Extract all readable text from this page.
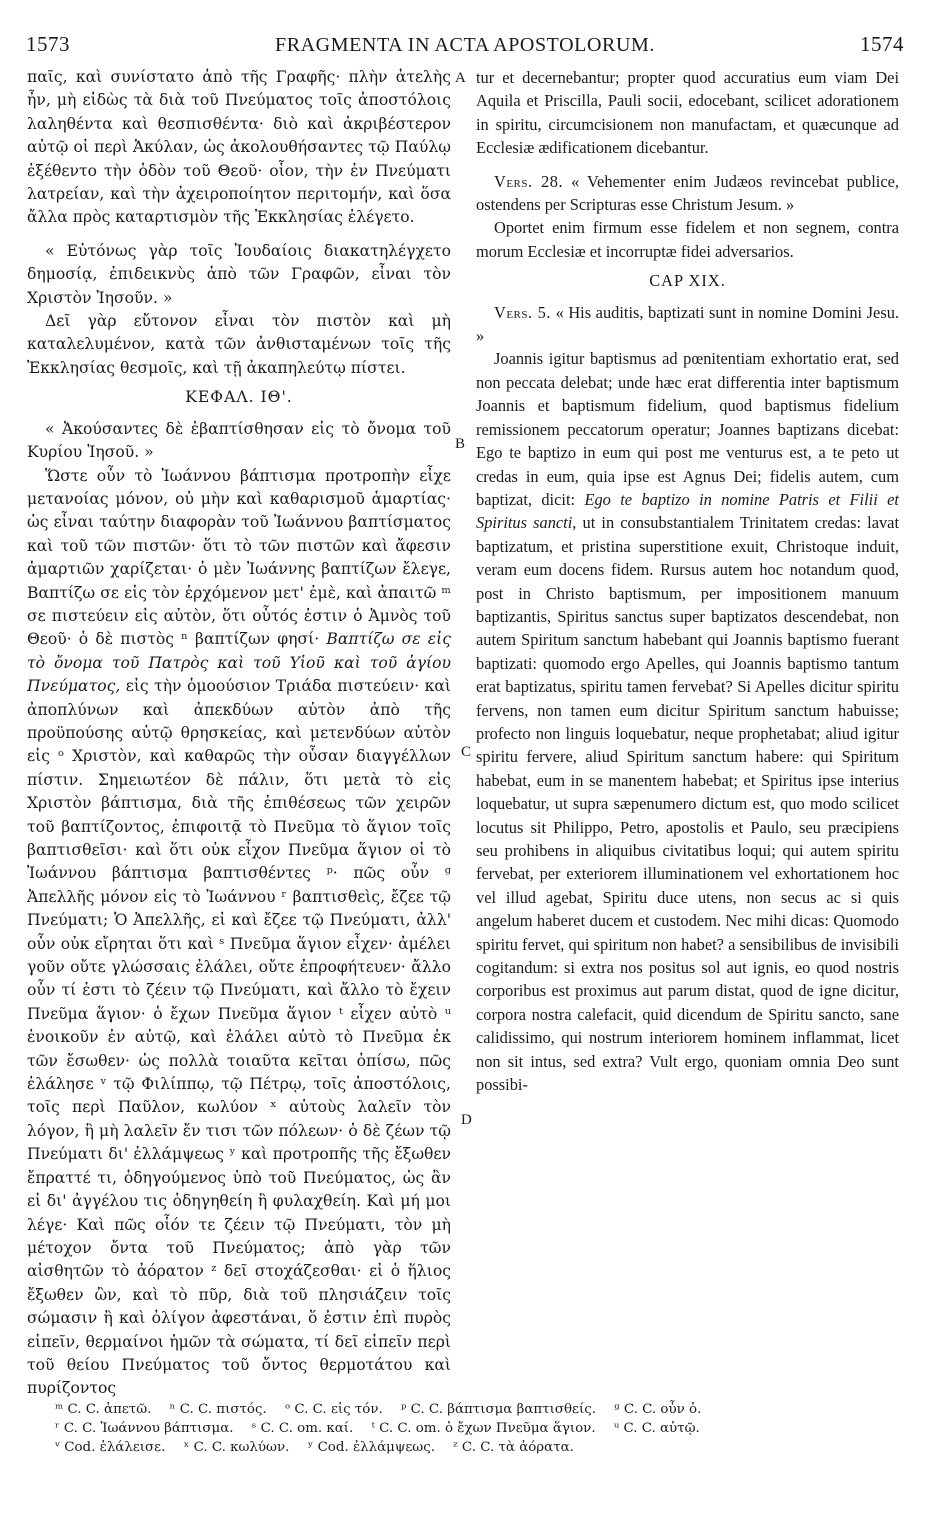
1573	FRAGMENTA IN ACTA APOSTOLORUM.	1574

παῖς, καὶ συνίστατο ἀπὸ τῆς Γραφῆς· πλὴν ἀτελὴς ἦν, μὴ εἰδὼς τὰ διὰ τοῦ Πνεύματος τοῖς ἀποστόλοις λαληθέντα καὶ θεσπισθέντα· διὸ καὶ ἀκριβέστερον αὐτῷ οἱ περὶ Ἀκύλαν, ὡς ἀκολουθήσαντες τῷ Παύλῳ ἐξέθεντο τὴν ὁδὸν τοῦ Θεοῦ· οἷον, τὴν ἐν Πνεύματι λατρείαν, καὶ τὴν ἀχειροποίητον περιτομήν, καὶ ὅσα ἄλλα πρὸς καταρτισμὸν τῆς Ἐκκλησίας ἐλέγετο.

« Εὐτόνως γὰρ τοῖς Ἰουδαίοις διακατηλέγχετο δημοσίᾳ, ἐπιδεικνὺς ἀπὸ τῶν Γραφῶν, εἶναι τὸν Χριστὸν Ἰησοῦν. »

Δεῖ γὰρ εὔτονον εἶναι τὸν πιστὸν καὶ μὴ καταλελυμένον, κατὰ τῶν ἀνθισταμένων τοῖς τῆς Ἐκκλησίας θεσμοῖς, καὶ τῇ ἀκαπηλεύτῳ πίστει.

ΚΕΦΑΛ. ΙΘ'.

« Ἀκούσαντες δὲ ἐβαπτίσθησαν εἰς τὸ ὄνομα τοῦ Κυρίου Ἰησοῦ. »

Ὥστε οὖν τὸ Ἰωάννου βάπτισμα προτροπὴν εἶχε μετανοίας μόνον, οὐ μὴν καὶ καθαρισμοῦ ἁμαρτίας· ὡς εἶναι ταύτην διαφορὰν τοῦ Ἰωάννου βαπτίσματος καὶ τοῦ τῶν πιστῶν· ὅτι τὸ τῶν πιστῶν καὶ ἄφεσιν ἁμαρτιῶν χαρίζεται· ὁ μὲν Ἰωάννης βαπτίζων ἔλεγε, Βαπτίζω σε εἰς τὸν ἐρχόμενον μετ' ἐμὲ, καὶ ἀπαιτῶ ᵐ σε πιστεύειν εἰς αὐτὸν, ὅτι οὗτός ἐστιν ὁ Ἀμνὸς τοῦ Θεοῦ· ὁ δὲ πιστὸς ⁿ βαπτίζων φησί· Βαπτίζω σε εἰς τὸ ὄνομα τοῦ Πατρὸς καὶ τοῦ Υἱοῦ καὶ τοῦ ἁγίου Πνεύματος, εἰς τὴν ὁμοούσιον Τριάδα πιστεύειν· καὶ ἀποπλύνων καὶ ἀπεκδύων αὐτὸν ἀπὸ τῆς προϋπούσης αὐτῷ θρησκείας, καὶ μετενδύων αὐτὸν εἰς ᵒ Χριστὸν, καὶ καθαρῶς τὴν οὖσαν διαγγέλλων πίστιν. Σημειωτέον δὲ πάλιν, ὅτι μετὰ τὸ εἰς Χριστὸν βάπτισμα, διὰ τῆς ἐπιθέσεως τῶν χειρῶν τοῦ βαπτίζοντος, ἐπιφοιτᾷ τὸ Πνεῦμα τὸ ἅγιον τοῖς βαπτισθεῖσι· καὶ ὅτι οὐκ εἶχον Πνεῦμα ἅγιον οἱ τὸ Ἰωάννου βάπτισμα βαπτισθέντες ᵖ· πῶς οὖν ᵍ Ἀπελλῆς μόνον εἰς τὸ Ἰωάννου ʳ βαπτισθεὶς, ἔζεε τῷ Πνεύματι; Ὁ Ἀπελλῆς, εἰ καὶ ἔζεε τῷ Πνεύματι, ἀλλ' οὖν οὐκ εἴρηται ὅτι καὶ ˢ Πνεῦμα ἅγιον εἶχεν· ἀμέλει γοῦν οὔτε γλώσσαις ἐλάλει, οὔτε ἐπροφήτευεν· ἄλλο οὖν τί ἐστι τὸ ζέειν τῷ Πνεύματι, καὶ ἄλλο τὸ ἔχειν Πνεῦμα ἅγιον· ὁ ἔχων Πνεῦμα ἅγιον ᵗ εἶχεν αὐτὸ ᵘ ἐνοικοῦν ἐν αὐτῷ, καὶ ἐλάλει αὐτὸ τὸ Πνεῦμα ἐκ τῶν ἔσωθεν· ὡς πολλὰ τοιαῦτα κεῖται ὀπίσω, πῶς ἐλάλησε ᵛ τῷ Φιλίππῳ, τῷ Πέτρῳ, τοῖς ἀποστόλοις, τοῖς περὶ Παῦλον, κωλύον ˣ αὐτοὺς λαλεῖν τὸν λόγον, ἢ μὴ λαλεῖν ἔν τισι τῶν πόλεων· ὁ δὲ ζέων τῷ Πνεύματι δι' ἐλλάμψεως ʸ καὶ προτροπῆς τῆς ἔξωθεν ἔπραττέ τι, ὁδηγούμενος ὑπὸ τοῦ Πνεύματος, ὡς ἂν εἰ δι' ἀγγέλου τις ὁδηγηθείη ἢ φυλαχθείη. Καὶ μή μοι λέγε· Καὶ πῶς οἷόν τε ζέειν τῷ Πνεύματι, τὸν μὴ μέτοχον ὄντα τοῦ Πνεύματος; ἀπὸ γὰρ τῶν αἰσθητῶν τὸ ἀόρατον ᶻ δεῖ στοχάζεσθαι· εἰ ὁ ἥλιος ἔξωθεν ὢν, καὶ τὸ πῦρ, διὰ τοῦ πλησιάζειν τοῖς σώμασιν ἢ καὶ ὀλίγον ἀφεστάναι, ὅ ἐστιν ἐπὶ πυρὸς εἰπεῖν, θερμαίνοι ἡμῶν τὰ σώματα, τί δεῖ εἰπεῖν περὶ τοῦ θείου Πνεύματος τοῦ ὄντος θερμοτάτου καὶ πυρίζοντος

tur et decernebantur; propter quod accuratius eum viam Dei Aquila et Priscilla, Pauli socii, edocebant, scilicet adorationem in spiritu, circumcisionem non manufactam, et quæcunque ad Ecclesiæ ædificationem dicebantur.

Vers. 28. « Vehementer enim Judæos revincebat publice, ostendens per Scripturas esse Christum Jesum. »

Oportet enim firmum esse fidelem et non segnem, contra morum Ecclesiæ et incorruptæ fidei adversarios.

CAP XIX.

Vers. 5. « His auditis, baptizati sunt in nomine Domini Jesu. »

Joannis igitur baptismus ad pœnitentiam exhortatio erat, sed non peccata delebat; unde hæc erat differentia inter baptismum Joannis et baptismum fidelium, quod baptismus fidelium remissionem peccatorum operatur; Joannes baptizans dicebat: Ego te baptizo in eum qui post me venturus est, a te peto ut credas in eum, quia ipse est Agnus Dei; fidelis autem, cum baptizat, dicit: Ego te baptizo in nomine Patris et Filii et Spiritus sancti, ut in consubstantialem Trinitatem credas: lavat baptizatum, et pristina superstitione exuit, Christoque induit, veram eum docens fidem. Rursus autem hoc notandum quod, post in Christo baptismum, per impositionem manuum baptizantis, Spiritus sanctus super baptizatos descendebat, non autem Spiritum sanctum habebant qui Joannis baptismo fuerant baptizati: quomodo ergo Apelles, qui Joannis baptismo tantum erat baptizatus, spiritu tamen fervebat? Si Apelles dicitur spiritu fervens, non tamen eum dicitur Spiritum sanctum habuisse; profecto non linguis loquebatur, neque prophetabat; aliud igitur spiritu fervere, aliud Spiritum sanctum habere: qui Spiritum habebat, eum in se manentem habebat; et Spiritus ipse interius loquebatur, ut supra sæpenumero dictum est, quo modo scilicet locutus sit Philippo, Petro, apostolis et Paulo, seu præcipiens seu prohibens in aliquibus civitatibus loqui; qui autem spiritu fervebat, per exteriorem illuminationem vel exhortationem hoc vel illud agebat, Spiritu duce utens, non secus ac si quis angelum haberet ducem et custodem. Nec mihi dicas: Quomodo spiritu fervet, qui spiritum non habet? a sensibilibus de invisibili cogitandum: si extra nos positus sol aut ignis, eo quod nostris corporibus est proximus aut parum distat, quod de igne dicitur, corpora nostra calefacit, quid dicendum de Spiritu sancto, sane calidissimo, qui nostrum interiorem hominem inflammat, licet non sit intus, sed extra? Vult ergo, quoniam omnia Deo sunt possibi-

A
B
C
D
ᵐ C. C. ἀπετῶ. ⁿ C. C. πιστός. ᵒ C. C. εἰς τόν. ᵖ C. C. βάπτισμα βαπτισθείς. ᵍ C. C. οὖν ὁ.
ʳ C. C. Ἰωάννου βάπτισμα. ˢ C. C. om. καί. ᵗ C. C. om. ὁ ἔχων Πνεῦμα ἅγιον. ᵘ C. C. αὐτῷ.
ᵛ Cod. ἐλάλεισε. ˣ C. C. κωλύων. ʸ Cod. ἐλλάμψεως. ᶻ C. C. τὰ ἀόρατα.
